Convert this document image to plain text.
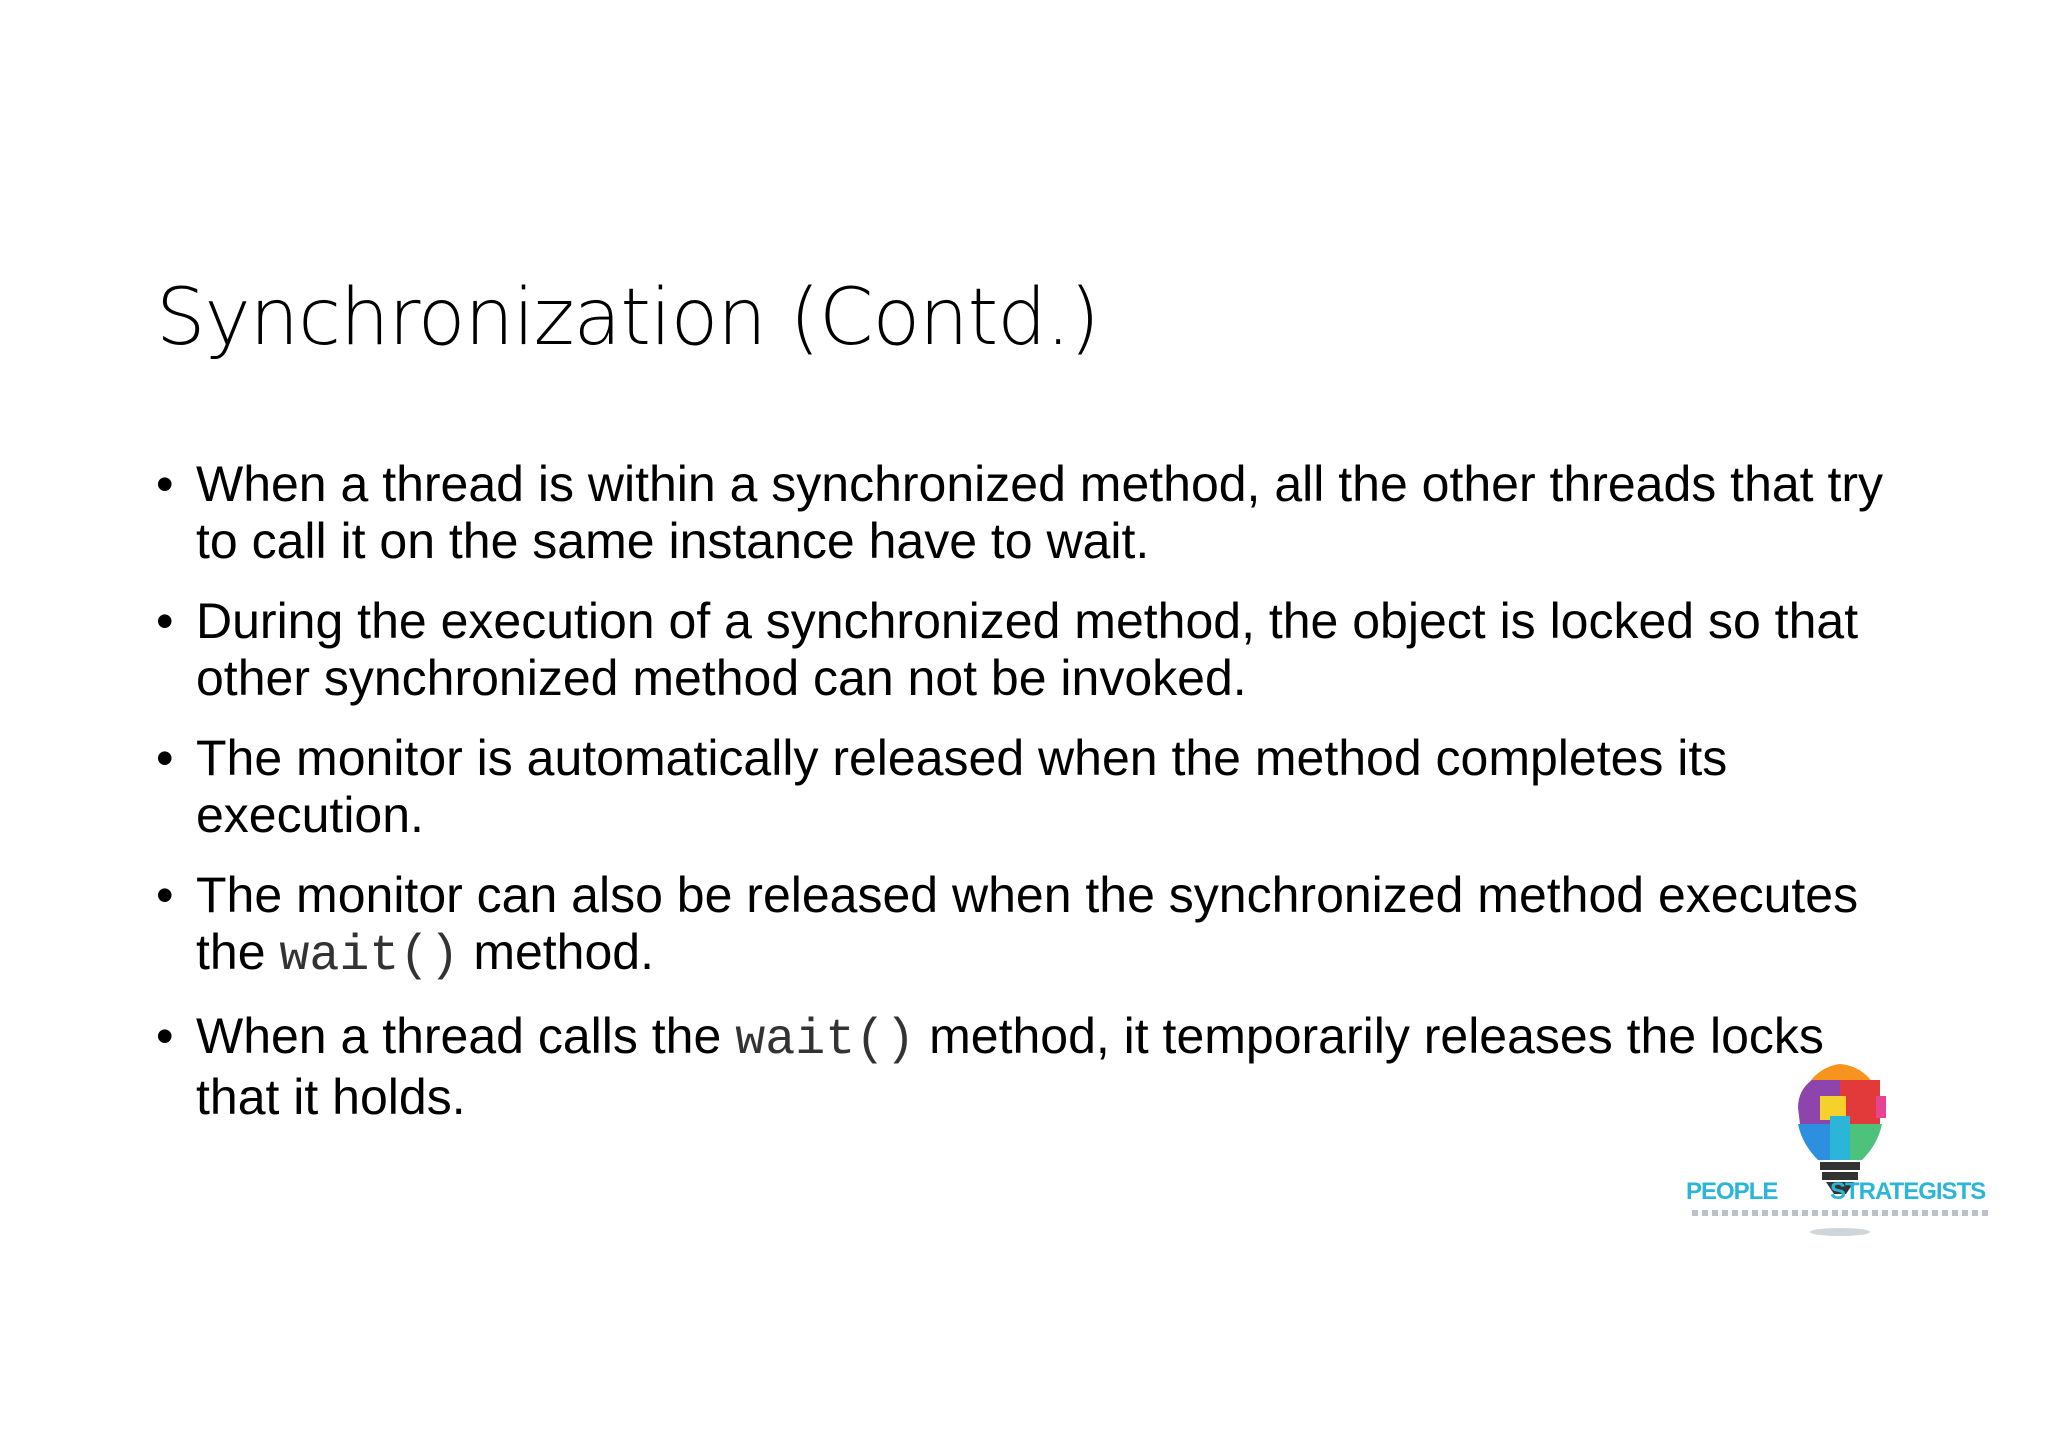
Synchronization (Contd.)
• When a thread is within a synchronized method, all the other threads that try to call it on the same instance have to wait.
• During the execution of a synchronized method, the object is locked so that other synchronized method can not be invoked.
• The monitor is automatically released when the method completes its execution.
• The monitor can also be released when the synchronized method executes the wait() method.
• When a thread calls the wait() method, it temporarily releases the locks that it holds.
PEOPLE STRATEGISTS
